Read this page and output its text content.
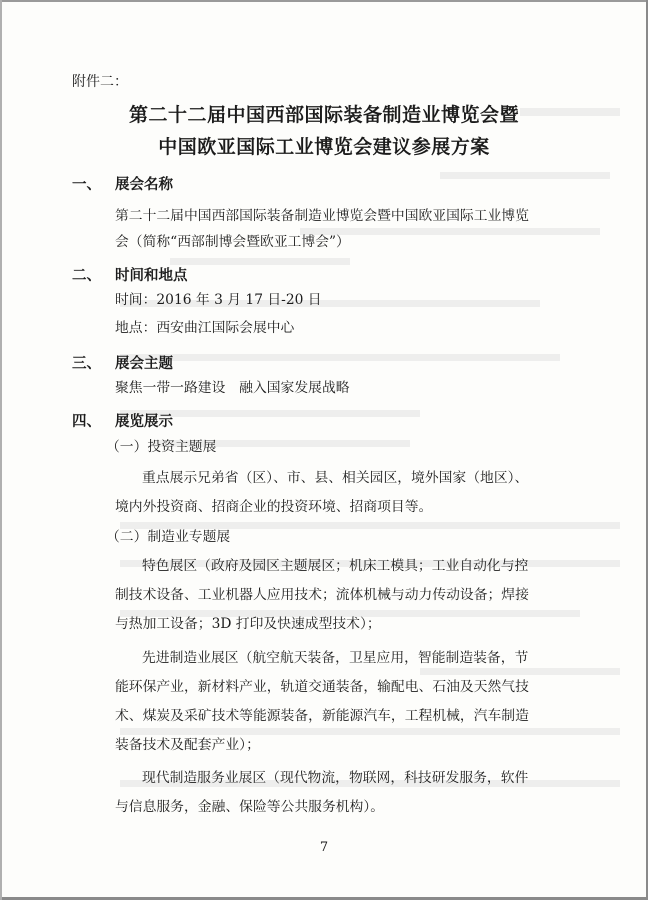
附件二：
第二十二届中国西部国际装备制造业博览会暨
中国欧亚国际工业博览会建议参展方案
一、 展会名称
第二十二届中国西部国际装备制造业博览会暨中国欧亚国际工业博览
会（简称“西部制博会暨欧亚工博会”）
二、 时间和地点
时间：2016 年 3 月 17 日-20 日
地点：西安曲江国际会展中心
三、 展会主题
聚焦一带一路建设　融入国家发展战略
四、 展览展示
（一）投资主题展
重点展示兄弟省（区）、市、县、相关园区，境外国家（地区）、
境内外投资商、招商企业的投资环境、招商项目等。
（二）制造业专题展
特色展区（政府及园区主题展区；机床工模具；工业自动化与控
制技术设备、工业机器人应用技术；流体机械与动力传动设备；焊接
与热加工设备；3D 打印及快速成型技术）；
先进制造业展区（航空航天装备，卫星应用，智能制造装备，节
能环保产业，新材料产业，轨道交通装备，输配电、石油及天然气技
术、煤炭及采矿技术等能源装备，新能源汽车，工程机械，汽车制造
装备技术及配套产业）；
现代制造服务业展区（现代物流，物联网，科技研发服务，软件
与信息服务，金融、保险等公共服务机构）。
7
